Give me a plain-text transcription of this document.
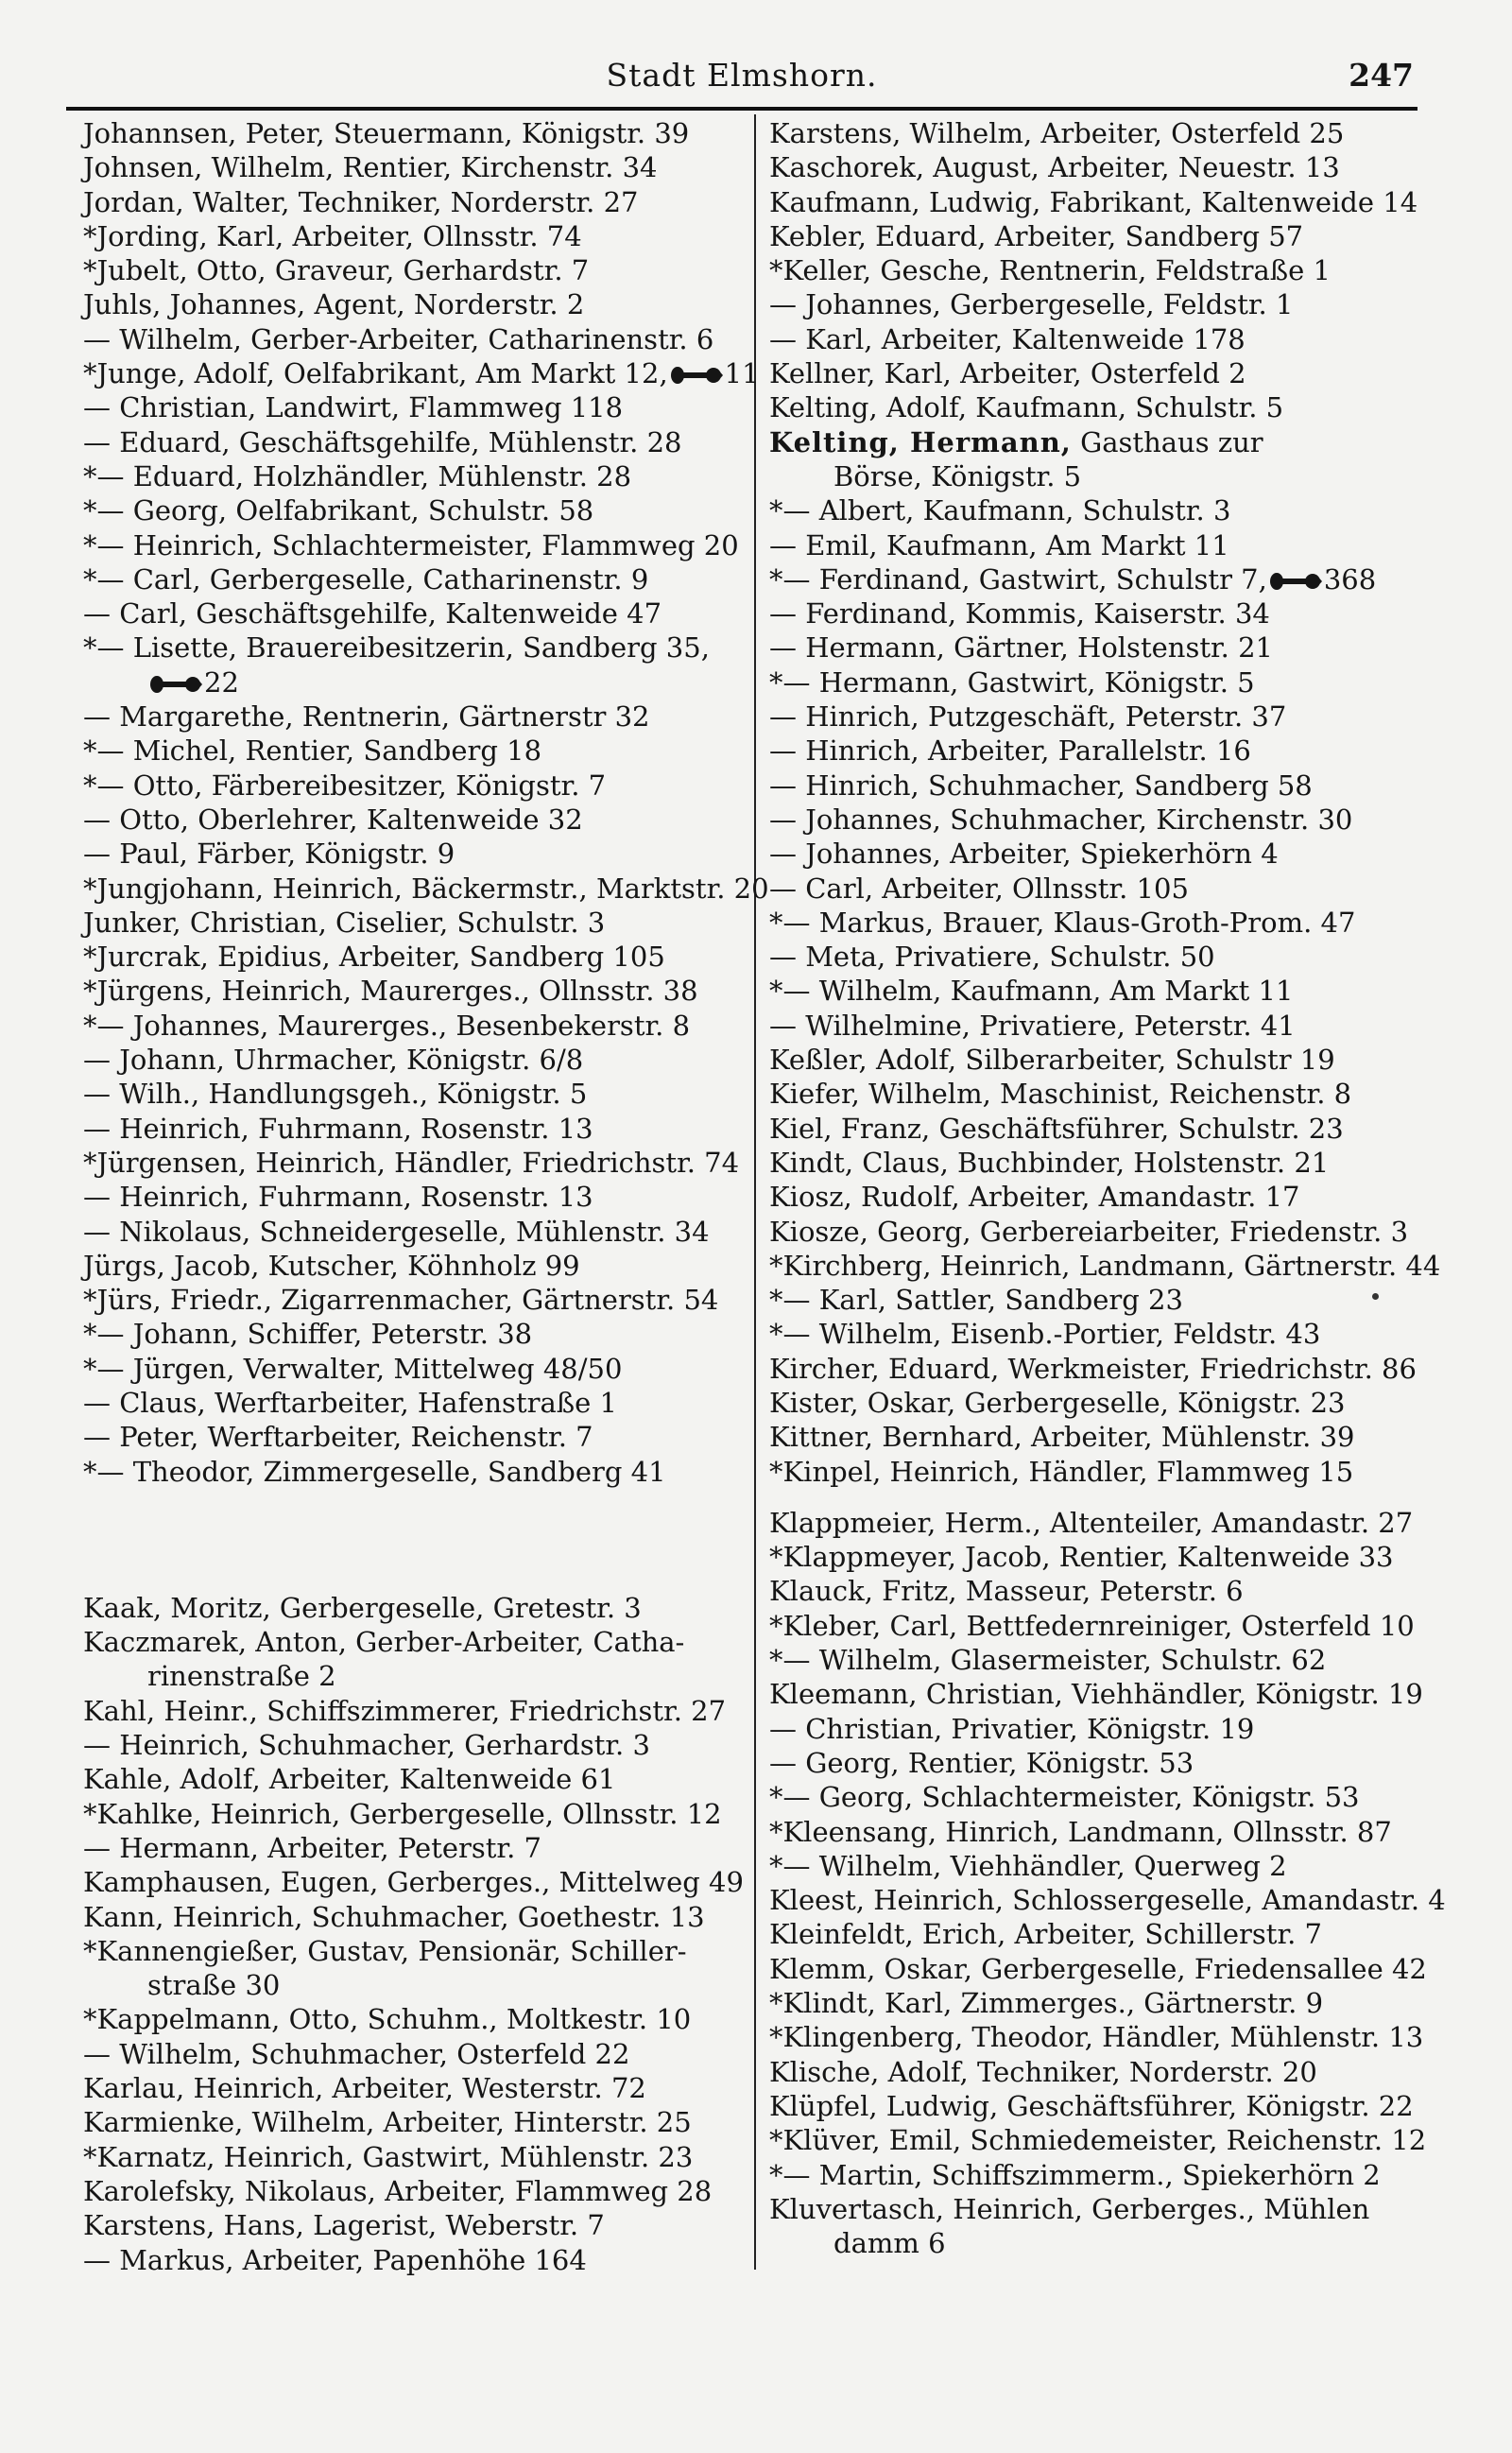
Stadt Elmshorn.	247
Johannsen, Peter, Steuermann, Königstr. 39
Johnsen, Wilhelm, Rentier, Kirchenstr. 34
Jordan, Walter, Techniker, Norderstr. 27
*Jording, Karl, Arbeiter, Ollnsstr. 74
*Jubelt, Otto, Graveur, Gerhardstr. 7
Juhls, Johannes, Agent, Norderstr. 2
— Wilhelm, Gerber-Arbeiter, Catharinenstr. 6
*Junge, Adolf, Oelfabrikant, Am Markt 12, 11
— Christian, Landwirt, Flammweg 118
— Eduard, Geschäftsgehilfe, Mühlenstr. 28
*— Eduard, Holzhändler, Mühlenstr. 28
*— Georg, Oelfabrikant, Schulstr. 58
*— Heinrich, Schlachtermeister, Flammweg 20
*— Carl, Gerbergeselle, Catharinenstr. 9
— Carl, Geschäftsgehilfe, Kaltenweide 47
*— Lisette, Brauereibesitzerin, Sandberg 35,
22
— Margarethe, Rentnerin, Gärtnerstr 32
*— Michel, Rentier, Sandberg 18
*— Otto, Färbereibesitzer, Königstr. 7
— Otto, Oberlehrer, Kaltenweide 32
— Paul, Färber, Königstr. 9
*Jungjohann, Heinrich, Bäckermstr., Marktstr. 20
Junker, Christian, Ciselier, Schulstr. 3
*Jurcrak, Epidius, Arbeiter, Sandberg 105
*Jürgens, Heinrich, Maurerges., Ollnsstr. 38
*— Johannes, Maurerges., Besenbekerstr. 8
— Johann, Uhrmacher, Königstr. 6/8
— Wilh., Handlungsgeh., Königstr. 5
— Heinrich, Fuhrmann, Rosenstr. 13
*Jürgensen, Heinrich, Händler, Friedrichstr. 74
— Heinrich, Fuhrmann, Rosenstr. 13
— Nikolaus, Schneidergeselle, Mühlenstr. 34
Jürgs, Jacob, Kutscher, Köhnholz 99
*Jürs, Friedr., Zigarrenmacher, Gärtnerstr. 54
*— Johann, Schiffer, Peterstr. 38
*— Jürgen, Verwalter, Mittelweg 48/50
— Claus, Werftarbeiter, Hafenstraße 1
— Peter, Werftarbeiter, Reichenstr. 7
*— Theodor, Zimmergeselle, Sandberg 41
Kaak, Moritz, Gerbergeselle, Gretestr. 3
Kaczmarek, Anton, Gerber-Arbeiter, Catha-
rinenstraße 2
Kahl, Heinr., Schiffszimmerer, Friedrichstr. 27
— Heinrich, Schuhmacher, Gerhardstr. 3
Kahle, Adolf, Arbeiter, Kaltenweide 61
*Kahlke, Heinrich, Gerbergeselle, Ollnsstr. 12
— Hermann, Arbeiter, Peterstr. 7
Kamphausen, Eugen, Gerberges., Mittelweg 49
Kann, Heinrich, Schuhmacher, Goethestr. 13
*Kannengießer, Gustav, Pensionär, Schiller-
straße 30
*Kappelmann, Otto, Schuhm., Moltkestr. 10
— Wilhelm, Schuhmacher, Osterfeld 22
Karlau, Heinrich, Arbeiter, Westerstr. 72
Karmienke, Wilhelm, Arbeiter, Hinterstr. 25
*Karnatz, Heinrich, Gastwirt, Mühlenstr. 23
Karolefsky, Nikolaus, Arbeiter, Flammweg 28
Karstens, Hans, Lagerist, Weberstr. 7
— Markus, Arbeiter, Papenhöhe 164
Karstens, Wilhelm, Arbeiter, Osterfeld 25
Kaschorek, August, Arbeiter, Neuestr. 13
Kaufmann, Ludwig, Fabrikant, Kaltenweide 14
Kebler, Eduard, Arbeiter, Sandberg 57
*Keller, Gesche, Rentnerin, Feldstraße 1
— Johannes, Gerbergeselle, Feldstr. 1
— Karl, Arbeiter, Kaltenweide 178
Kellner, Karl, Arbeiter, Osterfeld 2
Kelting, Adolf, Kaufmann, Schulstr. 5
Kelting, Hermann, Gasthaus zur
Börse, Königstr. 5
*— Albert, Kaufmann, Schulstr. 3
— Emil, Kaufmann, Am Markt 11
*— Ferdinand, Gastwirt, Schulstr 7, 368
— Ferdinand, Kommis, Kaiserstr. 34
— Hermann, Gärtner, Holstenstr. 21
*— Hermann, Gastwirt, Königstr. 5
— Hinrich, Putzgeschäft, Peterstr. 37
— Hinrich, Arbeiter, Parallelstr. 16
— Hinrich, Schuhmacher, Sandberg 58
— Johannes, Schuhmacher, Kirchenstr. 30
— Johannes, Arbeiter, Spiekerhörn 4
— Carl, Arbeiter, Ollnsstr. 105
*— Markus, Brauer, Klaus-Groth-Prom. 47
— Meta, Privatiere, Schulstr. 50
*— Wilhelm, Kaufmann, Am Markt 11
— Wilhelmine, Privatiere, Peterstr. 41
Keßler, Adolf, Silberarbeiter, Schulstr 19
Kiefer, Wilhelm, Maschinist, Reichenstr. 8
Kiel, Franz, Geschäftsführer, Schulstr. 23
Kindt, Claus, Buchbinder, Holstenstr. 21
Kiosz, Rudolf, Arbeiter, Amandastr. 17
Kiosze, Georg, Gerbereiarbeiter, Friedenstr. 3
*Kirchberg, Heinrich, Landmann, Gärtnerstr. 44
*— Karl, Sattler, Sandberg 23
*— Wilhelm, Eisenb.-Portier, Feldstr. 43
Kircher, Eduard, Werkmeister, Friedrichstr. 86
Kister, Oskar, Gerbergeselle, Königstr. 23
Kittner, Bernhard, Arbeiter, Mühlenstr. 39
*Kinpel, Heinrich, Händler, Flammweg 15
Klappmeier, Herm., Altenteiler, Amandastr. 27
*Klappmeyer, Jacob, Rentier, Kaltenweide 33
Klauck, Fritz, Masseur, Peterstr. 6
*Kleber, Carl, Bettfedernreiniger, Osterfeld 10
*— Wilhelm, Glasermeister, Schulstr. 62
Kleemann, Christian, Viehhändler, Königstr. 19
— Christian, Privatier, Königstr. 19
— Georg, Rentier, Königstr. 53
*— Georg, Schlachtermeister, Königstr. 53
*Kleensang, Hinrich, Landmann, Ollnsstr. 87
*— Wilhelm, Viehhändler, Querweg 2
Kleest, Heinrich, Schlossergeselle, Amandastr. 4
Kleinfeldt, Erich, Arbeiter, Schillerstr. 7
Klemm, Oskar, Gerbergeselle, Friedensallee 42
*Klindt, Karl, Zimmerges., Gärtnerstr. 9
*Klingenberg, Theodor, Händler, Mühlenstr. 13
Klische, Adolf, Techniker, Norderstr. 20
Klüpfel, Ludwig, Geschäftsführer, Königstr. 22
*Klüver, Emil, Schmiedemeister, Reichenstr. 12
*— Martin, Schiffszimmerm., Spiekerhörn 2
Kluvertasch, Heinrich, Gerberges., Mühlen
damm 6
